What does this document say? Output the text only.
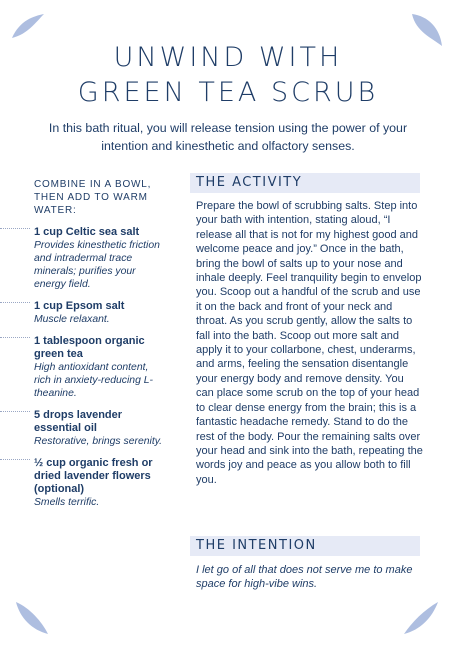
UNWIND WITH
GREEN TEA SCRUB
In this bath ritual, you will release tension using the power of your intention and kinesthetic and olfactory senses.
COMBINE IN A BOWL, THEN ADD TO WARM WATER:
1 cup Celtic sea salt
Provides kinesthetic friction and intradermal trace minerals; purifies your energy field.
1 cup Epsom salt
Muscle relaxant.
1 tablespoon organic green tea
High antioxidant content, rich in anxiety-reducing L-theanine.
5 drops lavender essential oil
Restorative, brings serenity.
½ cup organic fresh or dried lavender flowers (optional)
Smells terrific.
THE ACTIVITY
Prepare the bowl of scrubbing salts. Step into your bath with intention, stating aloud, “I release all that is not for my highest good and welcome peace and joy.” Once in the bath, bring the bowl of salts up to your nose and inhale deeply. Feel tranquility begin to envelop you. Scoop out a handful of the scrub and use it on the back and front of your neck and throat. As you scrub gently, allow the salts to fall into the bath. Scoop out more salt and apply it to your collarbone, chest, underarms, and arms, feeling the sensation disentangle your energy body and remove density. You can place some scrub on the top of your head to clear dense energy from the brain; this is a fantastic headache remedy. Stand to do the rest of the body. Pour the remaining salts over your head and sink into the bath, repeating the words joy and peace as you allow both to fill you.
THE INTENTION
I let go of all that does not serve me to make space for high-vibe wins.
